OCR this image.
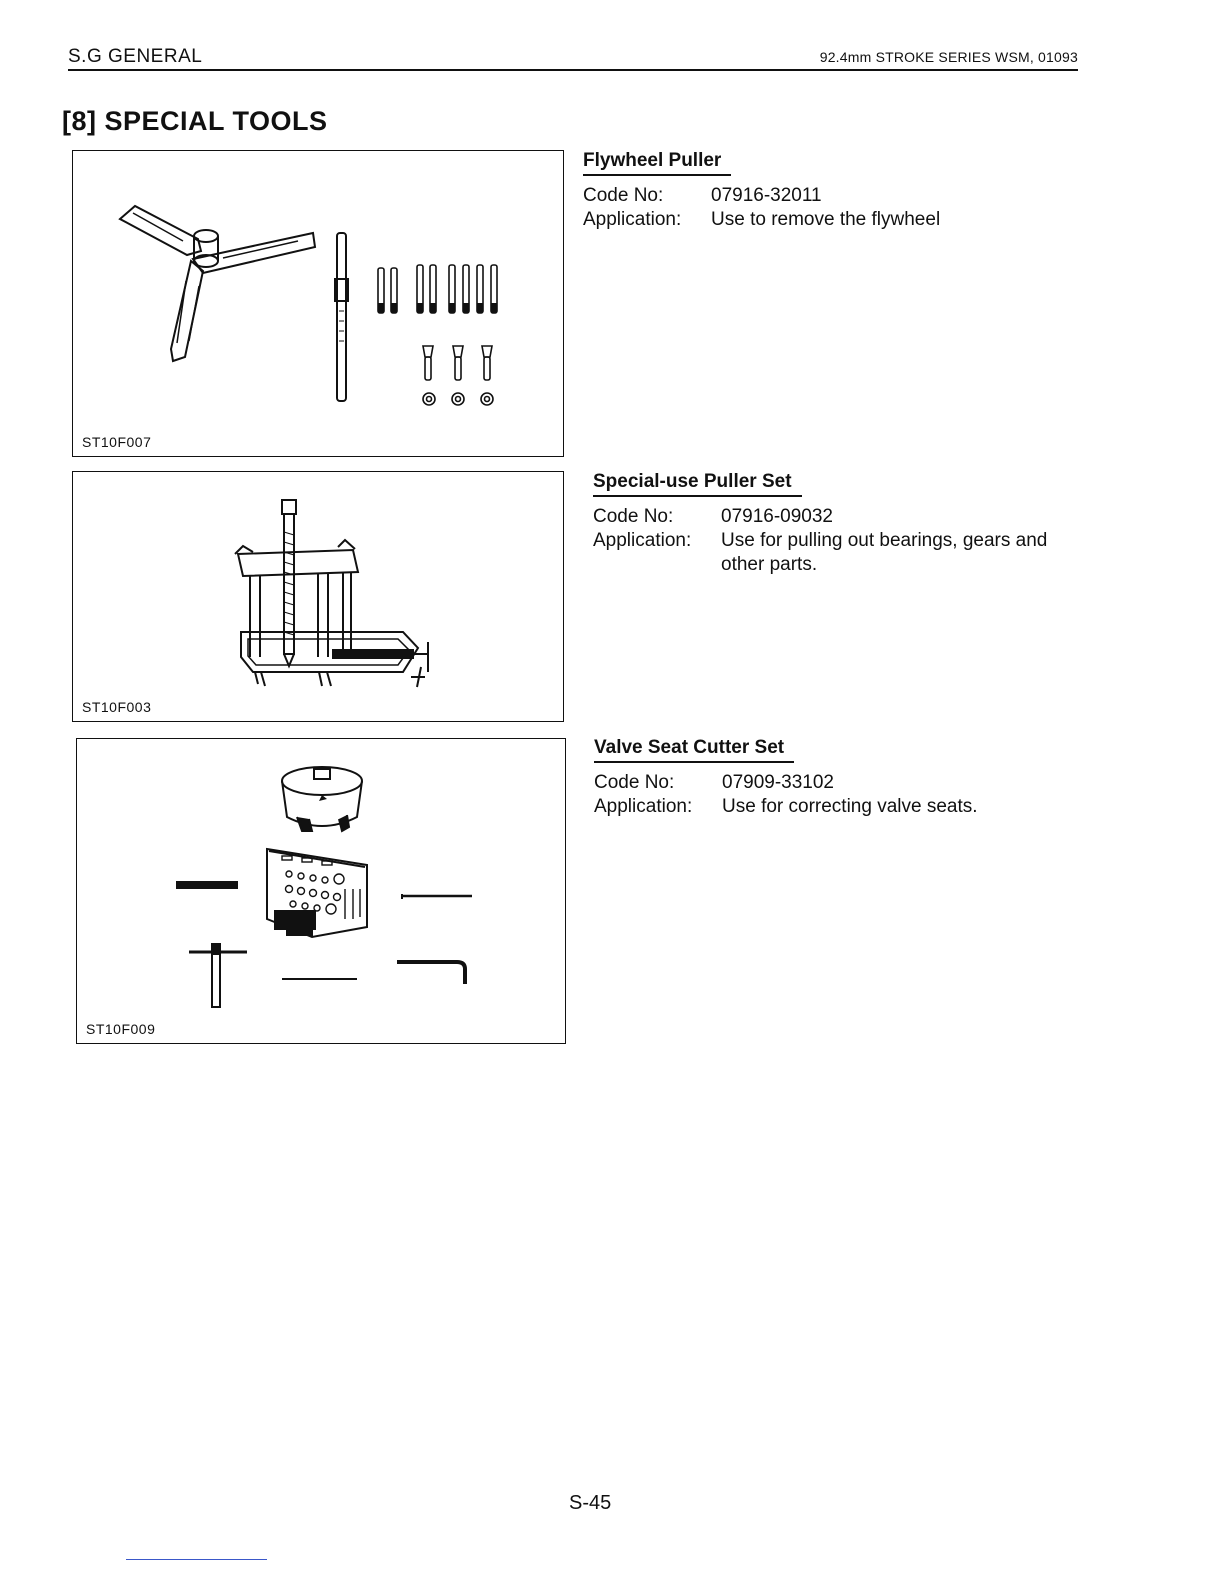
S.G GENERAL	92.4mm STROKE SERIES WSM, 01093
[8] SPECIAL TOOLS
ST10F007
ST10F003
ST10F009
Flywheel Puller
Code No:	07916-32011
Application:	Use to remove the flywheel
Special-use Puller Set
Code No:	07916-09032
Application:	Use for pulling out bearings, gears and other parts.
Valve Seat Cutter Set
Code No:	07909-33102
Application:	Use for correcting valve seats.
S-45
